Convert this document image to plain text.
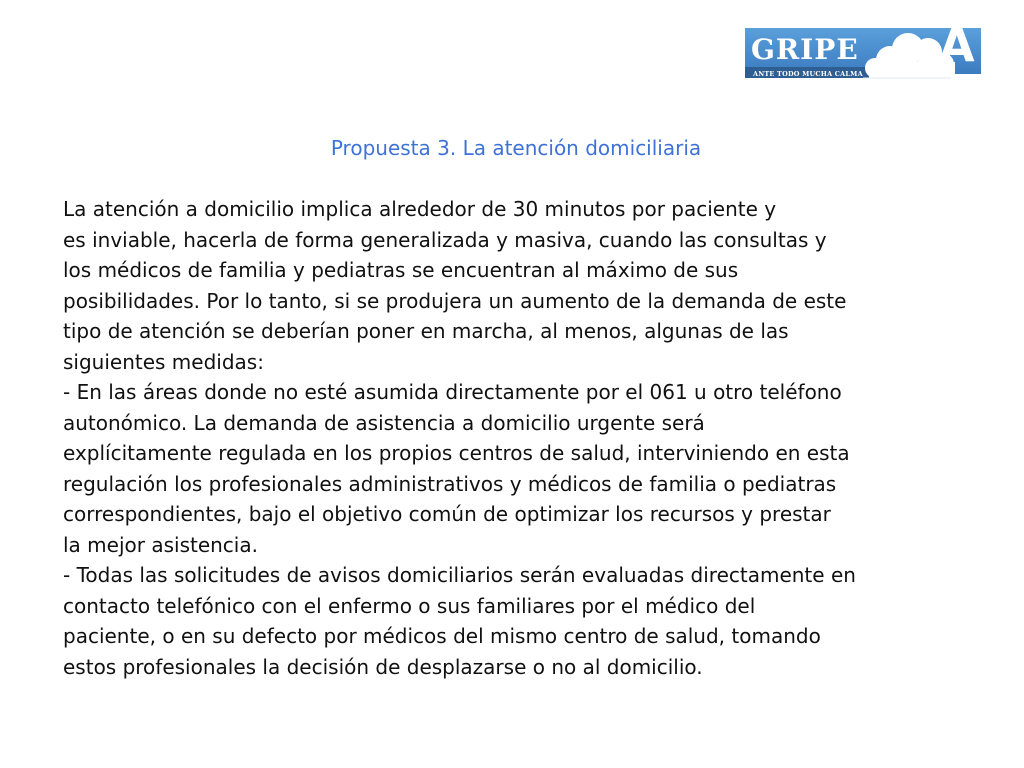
GRIPE
ANTE TODO MUCHA CALMA
A
Propuesta 3. La atención domiciliaria
La atención a domicilio implica alrededor de 30 minutos por paciente y
es inviable, hacerla de forma generalizada y masiva, cuando las consultas y
los médicos de familia y pediatras se encuentran al máximo de sus
posibilidades. Por lo tanto, si se produjera un aumento de la demanda de este
tipo de atención se deberían poner en marcha, al menos, algunas de las
siguientes medidas:
- En las áreas donde no esté asumida directamente por el 061 u otro teléfono
autonómico. La demanda de asistencia a domicilio urgente será
explícitamente regulada en los propios centros de salud, interviniendo en esta
regulación los profesionales administrativos y médicos de familia o pediatras
correspondientes, bajo el objetivo común de optimizar los recursos y prestar
la mejor asistencia.
- Todas las solicitudes de avisos domiciliarios serán evaluadas directamente en
contacto telefónico con el enfermo o sus familiares por el médico del
paciente, o en su defecto por médicos del mismo centro de salud, tomando
estos profesionales la decisión de desplazarse o no al domicilio.
